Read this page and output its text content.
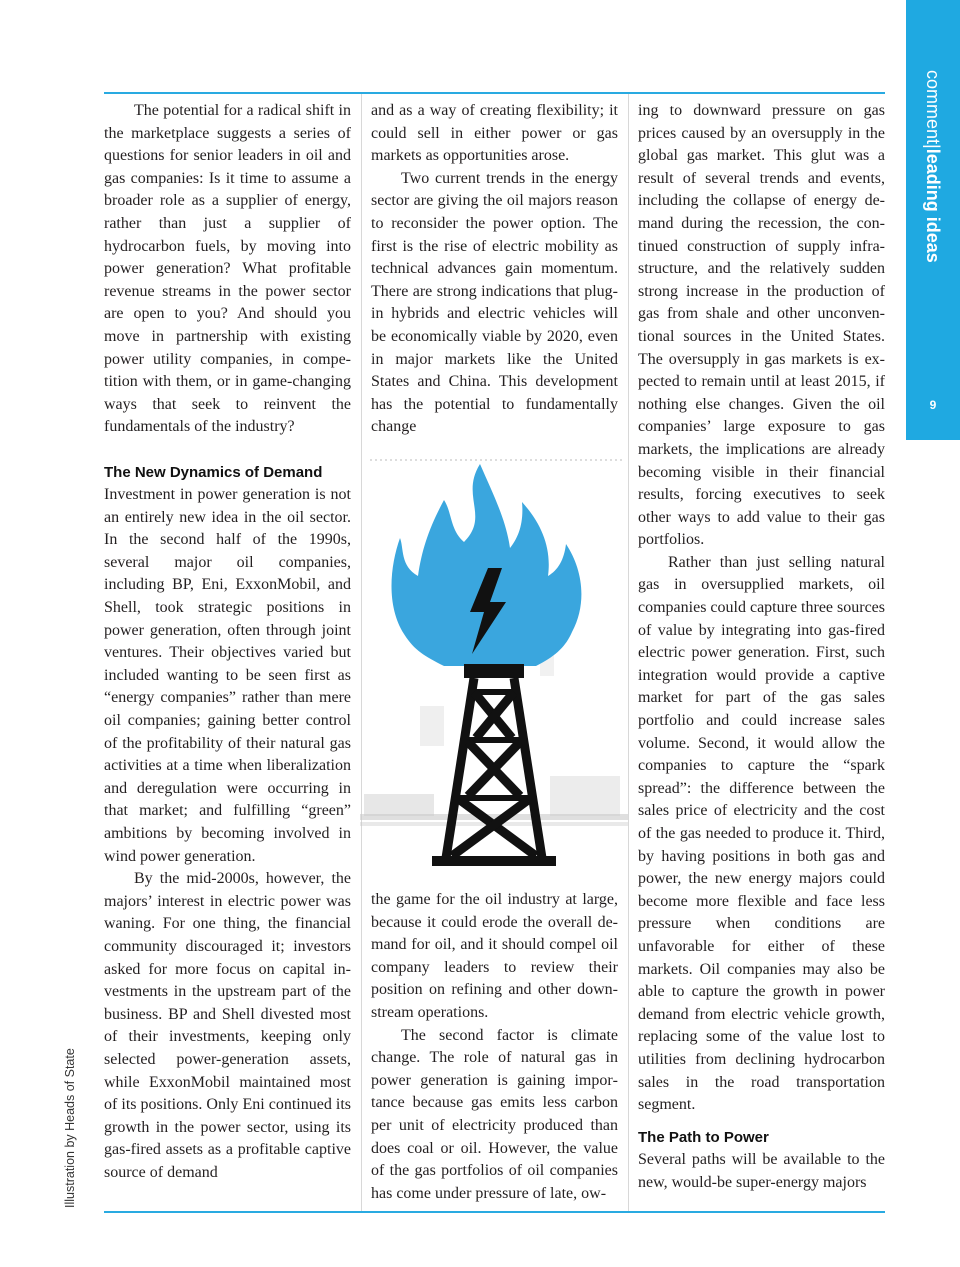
comment|leading ideas
9
Illustration by Heads of State

The potential for a radical shift in the marketplace suggests a series of questions for senior leaders in oil and gas companies: Is it time to assume a broader role as a supplier of energy, rather than just a supplier of hydrocarbon fuels, by moving into power generation? What profitable revenue streams in the power sector are open to you? And should you move in partnership with existing power utility companies, in competition with them, or in game-changing ways that seek to reinvent the fundamentals of the industry?

The New Dynamics of Demand

Investment in power generation is not an entirely new idea in the oil sector. In the second half of the 1990s, several major oil companies, including BP, Eni, ExxonMobil, and Shell, took strategic positions in power generation, often through joint ventures. Their objectives varied but included wanting to be seen first as “energy companies” rather than mere oil companies; gaining better control of the profitability of their natural gas activities at a time when liberalization and deregulation were occurring in that market; and fulfilling “green” ambitions by becoming involved in wind power generation.

By the mid-2000s, however, the majors’ interest in electric power was waning. For one thing, the financial community discouraged it; investors asked for more focus on capital investments in the upstream part of the business. BP and Shell divested most of their investments, keeping only selected power-generation assets, while ExxonMobil maintained most of its positions. Only Eni continued its growth in the power sector, using its gas-fired assets as a profitable captive source of demand

and as a way of creating flexibility; it could sell in either power or gas markets as opportunities arose.

Two current trends in the energy sector are giving the oil majors reason to reconsider the power option. The first is the rise of electric mobility as technical advances gain momentum. There are strong indications that plug-in hybrids and electric vehicles will be economically viable by 2020, even in major markets like the United States and China. This development has the potential to fundamentally change

the game for the oil industry at large, because it could erode the overall demand for oil, and it should compel oil company leaders to review their position on refining and other downstream operations.

The second factor is climate change. The role of natural gas in power generation is gaining importance because gas emits less carbon per unit of electricity produced than does coal or oil. However, the value of the gas portfolios of oil companies has come under pressure of late, ow-

ing to downward pressure on gas prices caused by an oversupply in the global gas market. This glut was a result of several trends and events, including the collapse of energy demand during the recession, the continued construction of supply infrastructure, and the relatively sudden strong increase in the production of gas from shale and other unconventional sources in the United States. The oversupply in gas markets is expected to remain until at least 2015, if nothing else changes. Given the oil companies’ large exposure to gas markets, the implications are already becoming visible in their financial results, forcing executives to seek other ways to add value to their gas portfolios.

Rather than just selling natural gas in oversupplied markets, oil companies could capture three sources of value by integrating into gas-fired electric power generation. First, such integration would provide a captive market for part of the gas sales portfolio and could increase sales volume. Second, it would allow the companies to capture the “spark spread”: the difference between the sales price of electricity and the cost of the gas needed to produce it. Third, by having positions in both gas and power, the new energy majors could become more flexible and face less pressure when conditions are unfavorable for either of these markets. Oil companies may also be able to capture the growth in power demand from electric vehicle growth, replacing some of the value lost to utilities from declining hydrocarbon sales in the road transportation segment.

The Path to Power

Several paths will be available to the new, would-be super-energy majors
